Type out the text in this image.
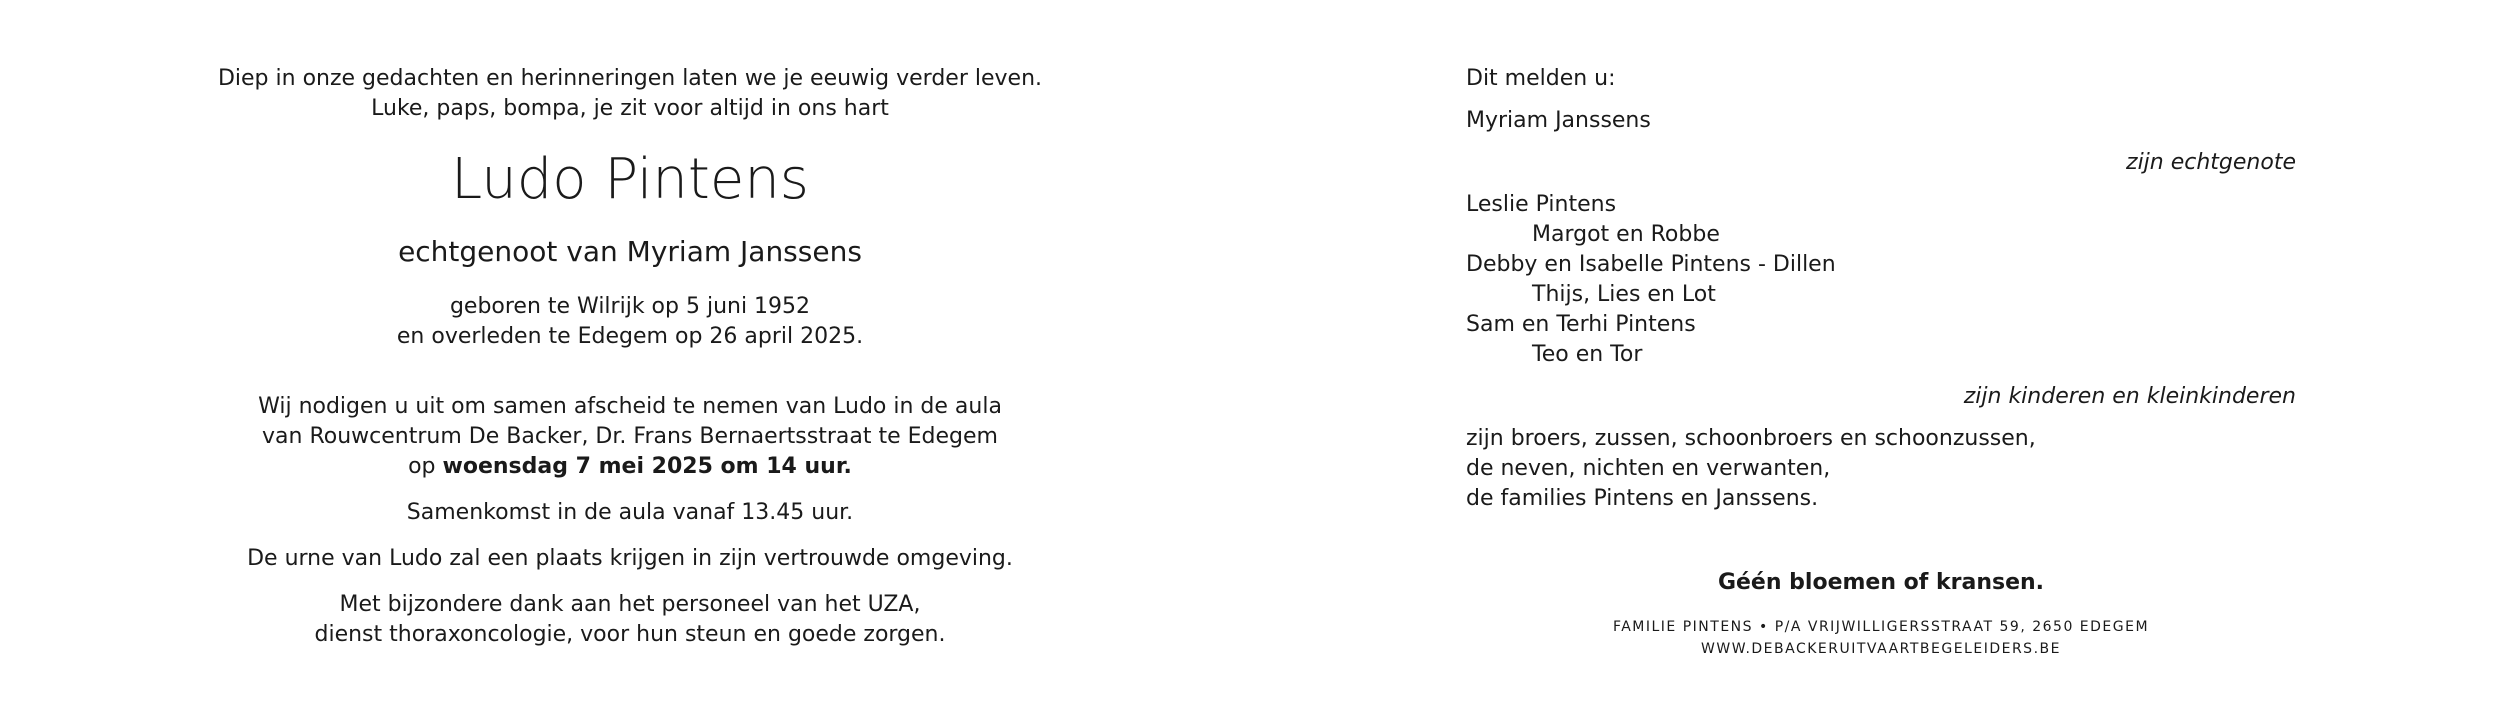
Diep in onze gedachten en herinneringen laten we je eeuwig verder leven.
Luke, paps, bompa, je zit voor altijd in ons hart
Ludo Pintens
echtgenoot van Myriam Janssens
geboren te Wilrijk op 5 juni 1952
en overleden te Edegem op 26 april 2025.
Wij nodigen u uit om samen afscheid te nemen van Ludo in de aula
van Rouwcentrum De Backer, Dr. Frans Bernaertsstraat te Edegem
op woensdag 7 mei 2025 om 14 uur.
Samenkomst in de aula vanaf 13.45 uur.
De urne van Ludo zal een plaats krijgen in zijn vertrouwde omgeving.
Met bijzondere dank aan het personeel van het UZA,
dienst thoraxoncologie, voor hun steun en goede zorgen.
Dit melden u:
Myriam Janssens
zijn echtgenote
Leslie Pintens
Margot en Robbe
Debby en Isabelle Pintens - Dillen
Thijs, Lies en Lot
Sam en Terhi Pintens
Teo en Tor
zijn kinderen en kleinkinderen
zijn broers, zussen, schoonbroers en schoonzussen,
de neven, nichten en verwanten,
de families Pintens en Janssens.
Géén bloemen of kransen.
FAMILIE PINTENS • P/A VRIJWILLIGERSSTRAAT 59, 2650 EDEGEM
WWW.DEBACKERUITVAARTBEGELEIDERS.BE
